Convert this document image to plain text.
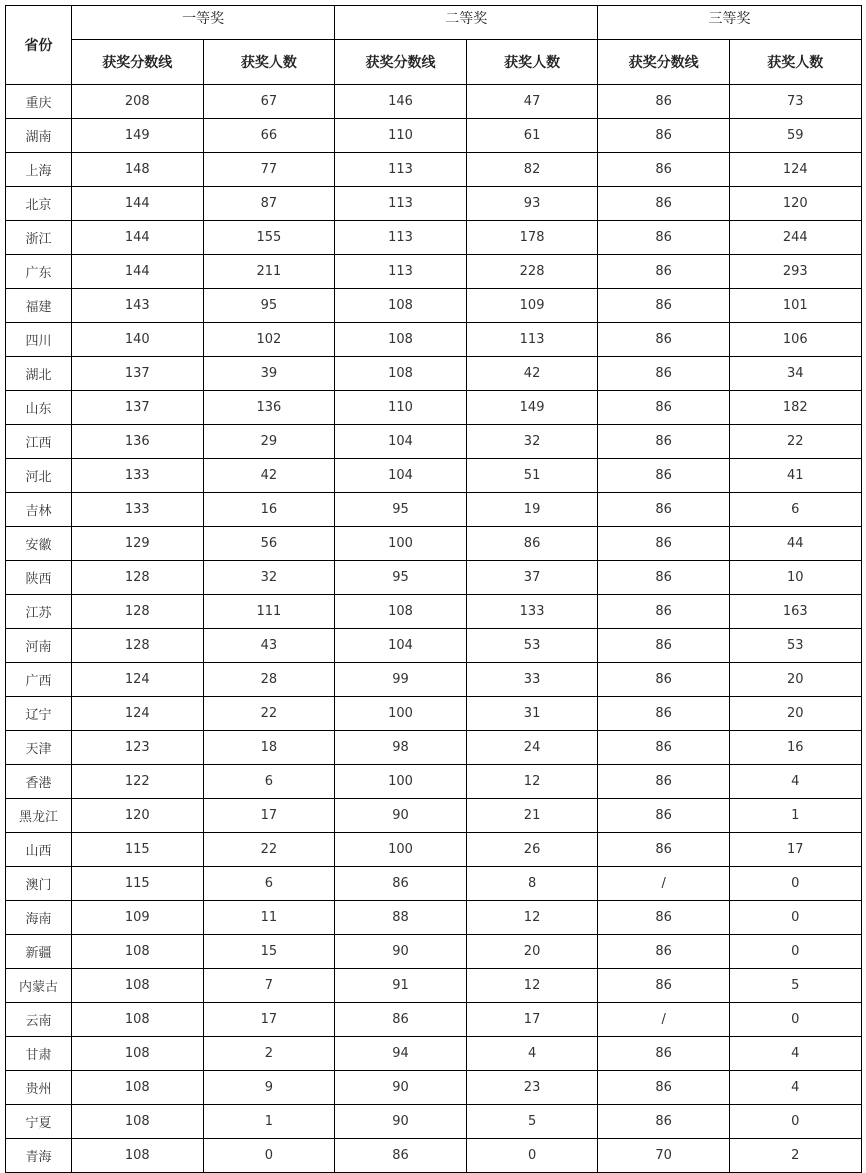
省份	一等奖		二等奖		三等奖	
	获奖分数线	获奖人数	获奖分数线	获奖人数	获奖分数线	获奖人数
重庆	208	67	146	47	86	73
湖南	149	66	110	61	86	59
上海	148	77	113	82	86	124
北京	144	87	113	93	86	120
浙江	144	155	113	178	86	244
广东	144	211	113	228	86	293
福建	143	95	108	109	86	101
四川	140	102	108	113	86	106
湖北	137	39	108	42	86	34
山东	137	136	110	149	86	182
江西	136	29	104	32	86	22
河北	133	42	104	51	86	41
吉林	133	16	95	19	86	6
安徽	129	56	100	86	86	44
陕西	128	32	95	37	86	10
江苏	128	111	108	133	86	163
河南	128	43	104	53	86	53
广西	124	28	99	33	86	20
辽宁	124	22	100	31	86	20
天津	123	18	98	24	86	16
香港	122	6	100	12	86	4
黑龙江	120	17	90	21	86	1
山西	115	22	100	26	86	17
澳门	115	6	86	8	/	0
海南	109	11	88	12	86	0
新疆	108	15	90	20	86	0
内蒙古	108	7	91	12	86	5
云南	108	17	86	17	/	0
甘肃	108	2	94	4	86	4
贵州	108	9	90	23	86	4
宁夏	108	1	90	5	86	0
青海	108	0	86	0	70	2
